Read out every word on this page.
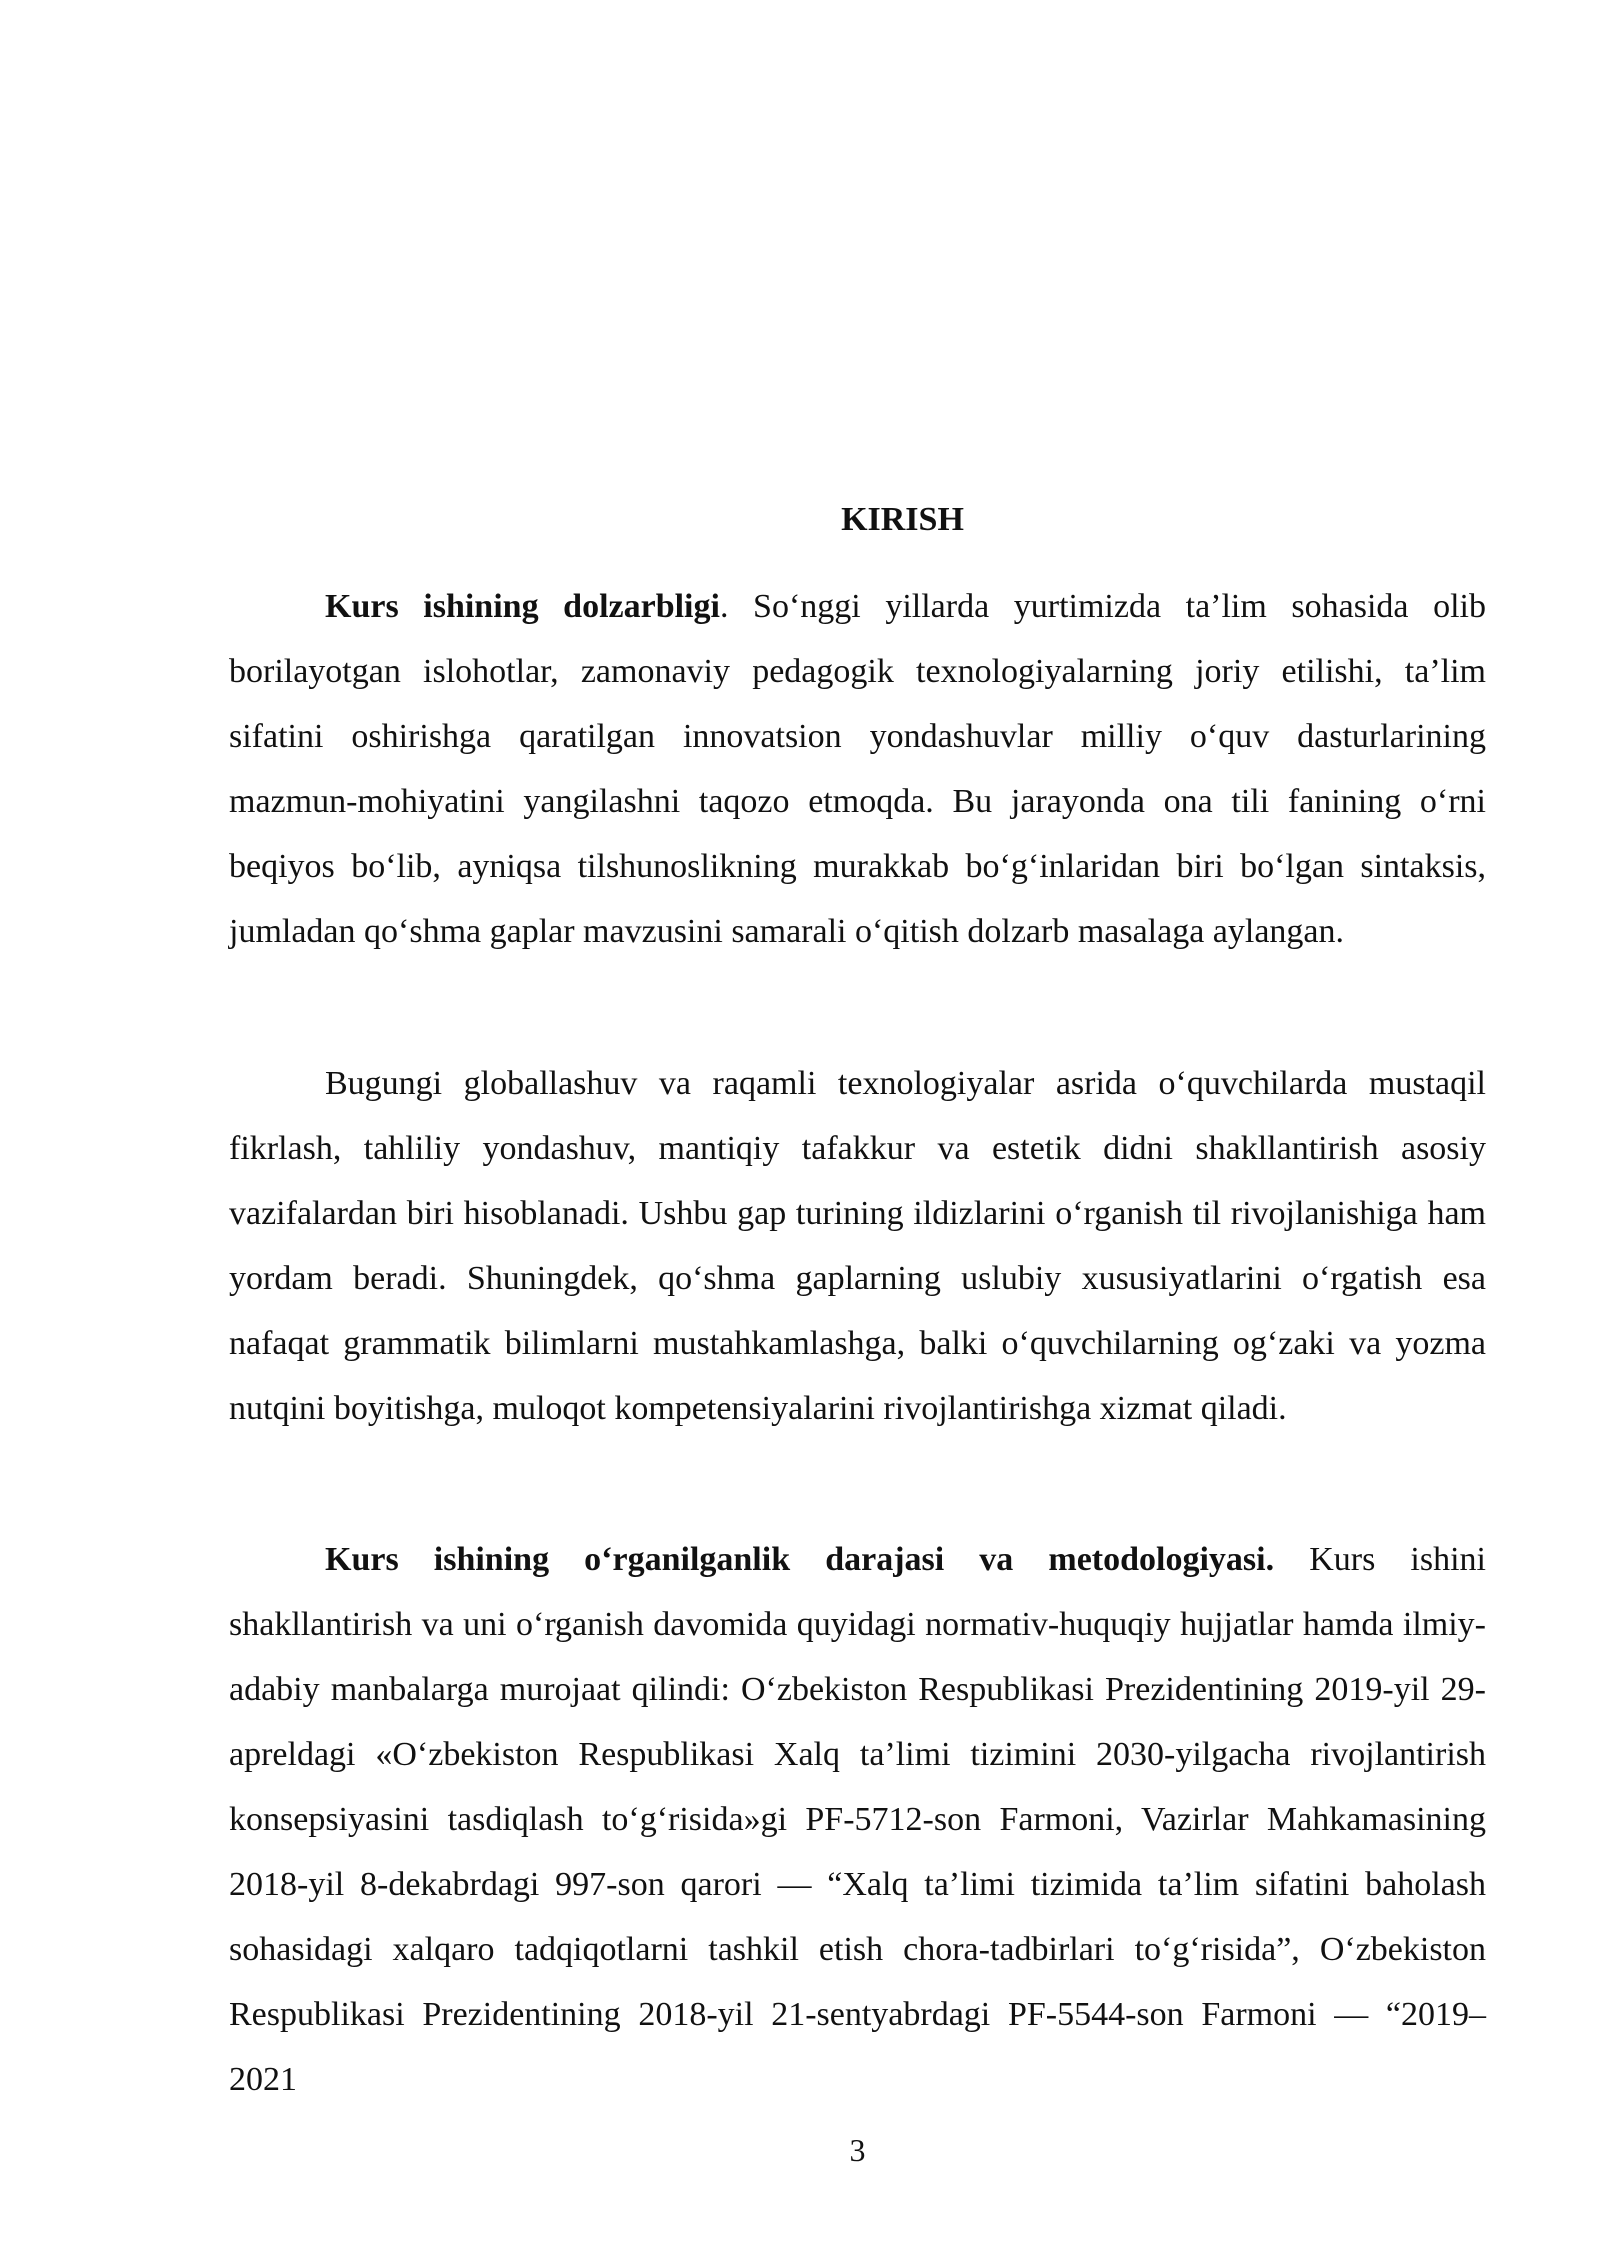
KIRISH

Kurs ishining dolzarbligi. So‘nggi yillarda yurtimizda ta’lim sohasida olib borilayotgan islohotlar, zamonaviy pedagogik texnologiyalarning joriy etilishi, ta’lim sifatini oshirishga qaratilgan innovatsion yondashuvlar milliy o‘quv dasturlarining mazmun-mohiyatini yangilashni taqozo etmoqda. Bu jarayonda ona tili fanining o‘rni beqiyos bo‘lib, ayniqsa tilshunoslikning murakkab bo‘g‘inlaridan biri bo‘lgan sintaksis, jumladan qo‘shma gaplar mavzusini samarali o‘qitish dolzarb masalaga aylangan.

Bugungi globallashuv va raqamli texnologiyalar asrida o‘quvchilarda mustaqil fikrlash, tahliliy yondashuv, mantiqiy tafakkur va estetik didni shakllantirish asosiy vazifalardan biri hisoblanadi. Ushbu gap turining ildizlarini o‘rganish til rivojlanishiga ham yordam beradi. Shuningdek, qo‘shma gaplarning uslubiy xususiyatlarini o‘rgatish esa nafaqat grammatik bilimlarni mustahkamlashga, balki o‘quvchilarning og‘zaki va yozma nutqini boyitishga, muloqot kompetensiyalarini rivojlantirishga xizmat qiladi.

Kurs ishining o‘rganilganlik darajasi va metodologiyasi. Kurs ishini shakllantirish va uni o‘rganish davomida quyidagi normativ-huquqiy hujjatlar hamda ilmiy-adabiy manbalarga murojaat qilindi: O‘zbekiston Respublikasi Prezidentining 2019-yil 29-apreldagi «O‘zbekiston Respublikasi Xalq ta’limi tizimini 2030-yilgacha rivojlantirish konsepsiyasini tasdiqlash to‘g‘risida»gi PF-5712-son Farmoni, Vazirlar Mahkamasining 2018-yil 8-dekabrdagi 997-son qarori — “Xalq ta’limi tizimida ta’lim sifatini baholash sohasidagi xalqaro tadqiqotlarni tashkil etish chora-tadbirlari to‘g‘risida”, O‘zbekiston Respublikasi Prezidentining 2018-yil 21-sentyabrdagi PF-5544-son Farmoni — “2019–2021

3
